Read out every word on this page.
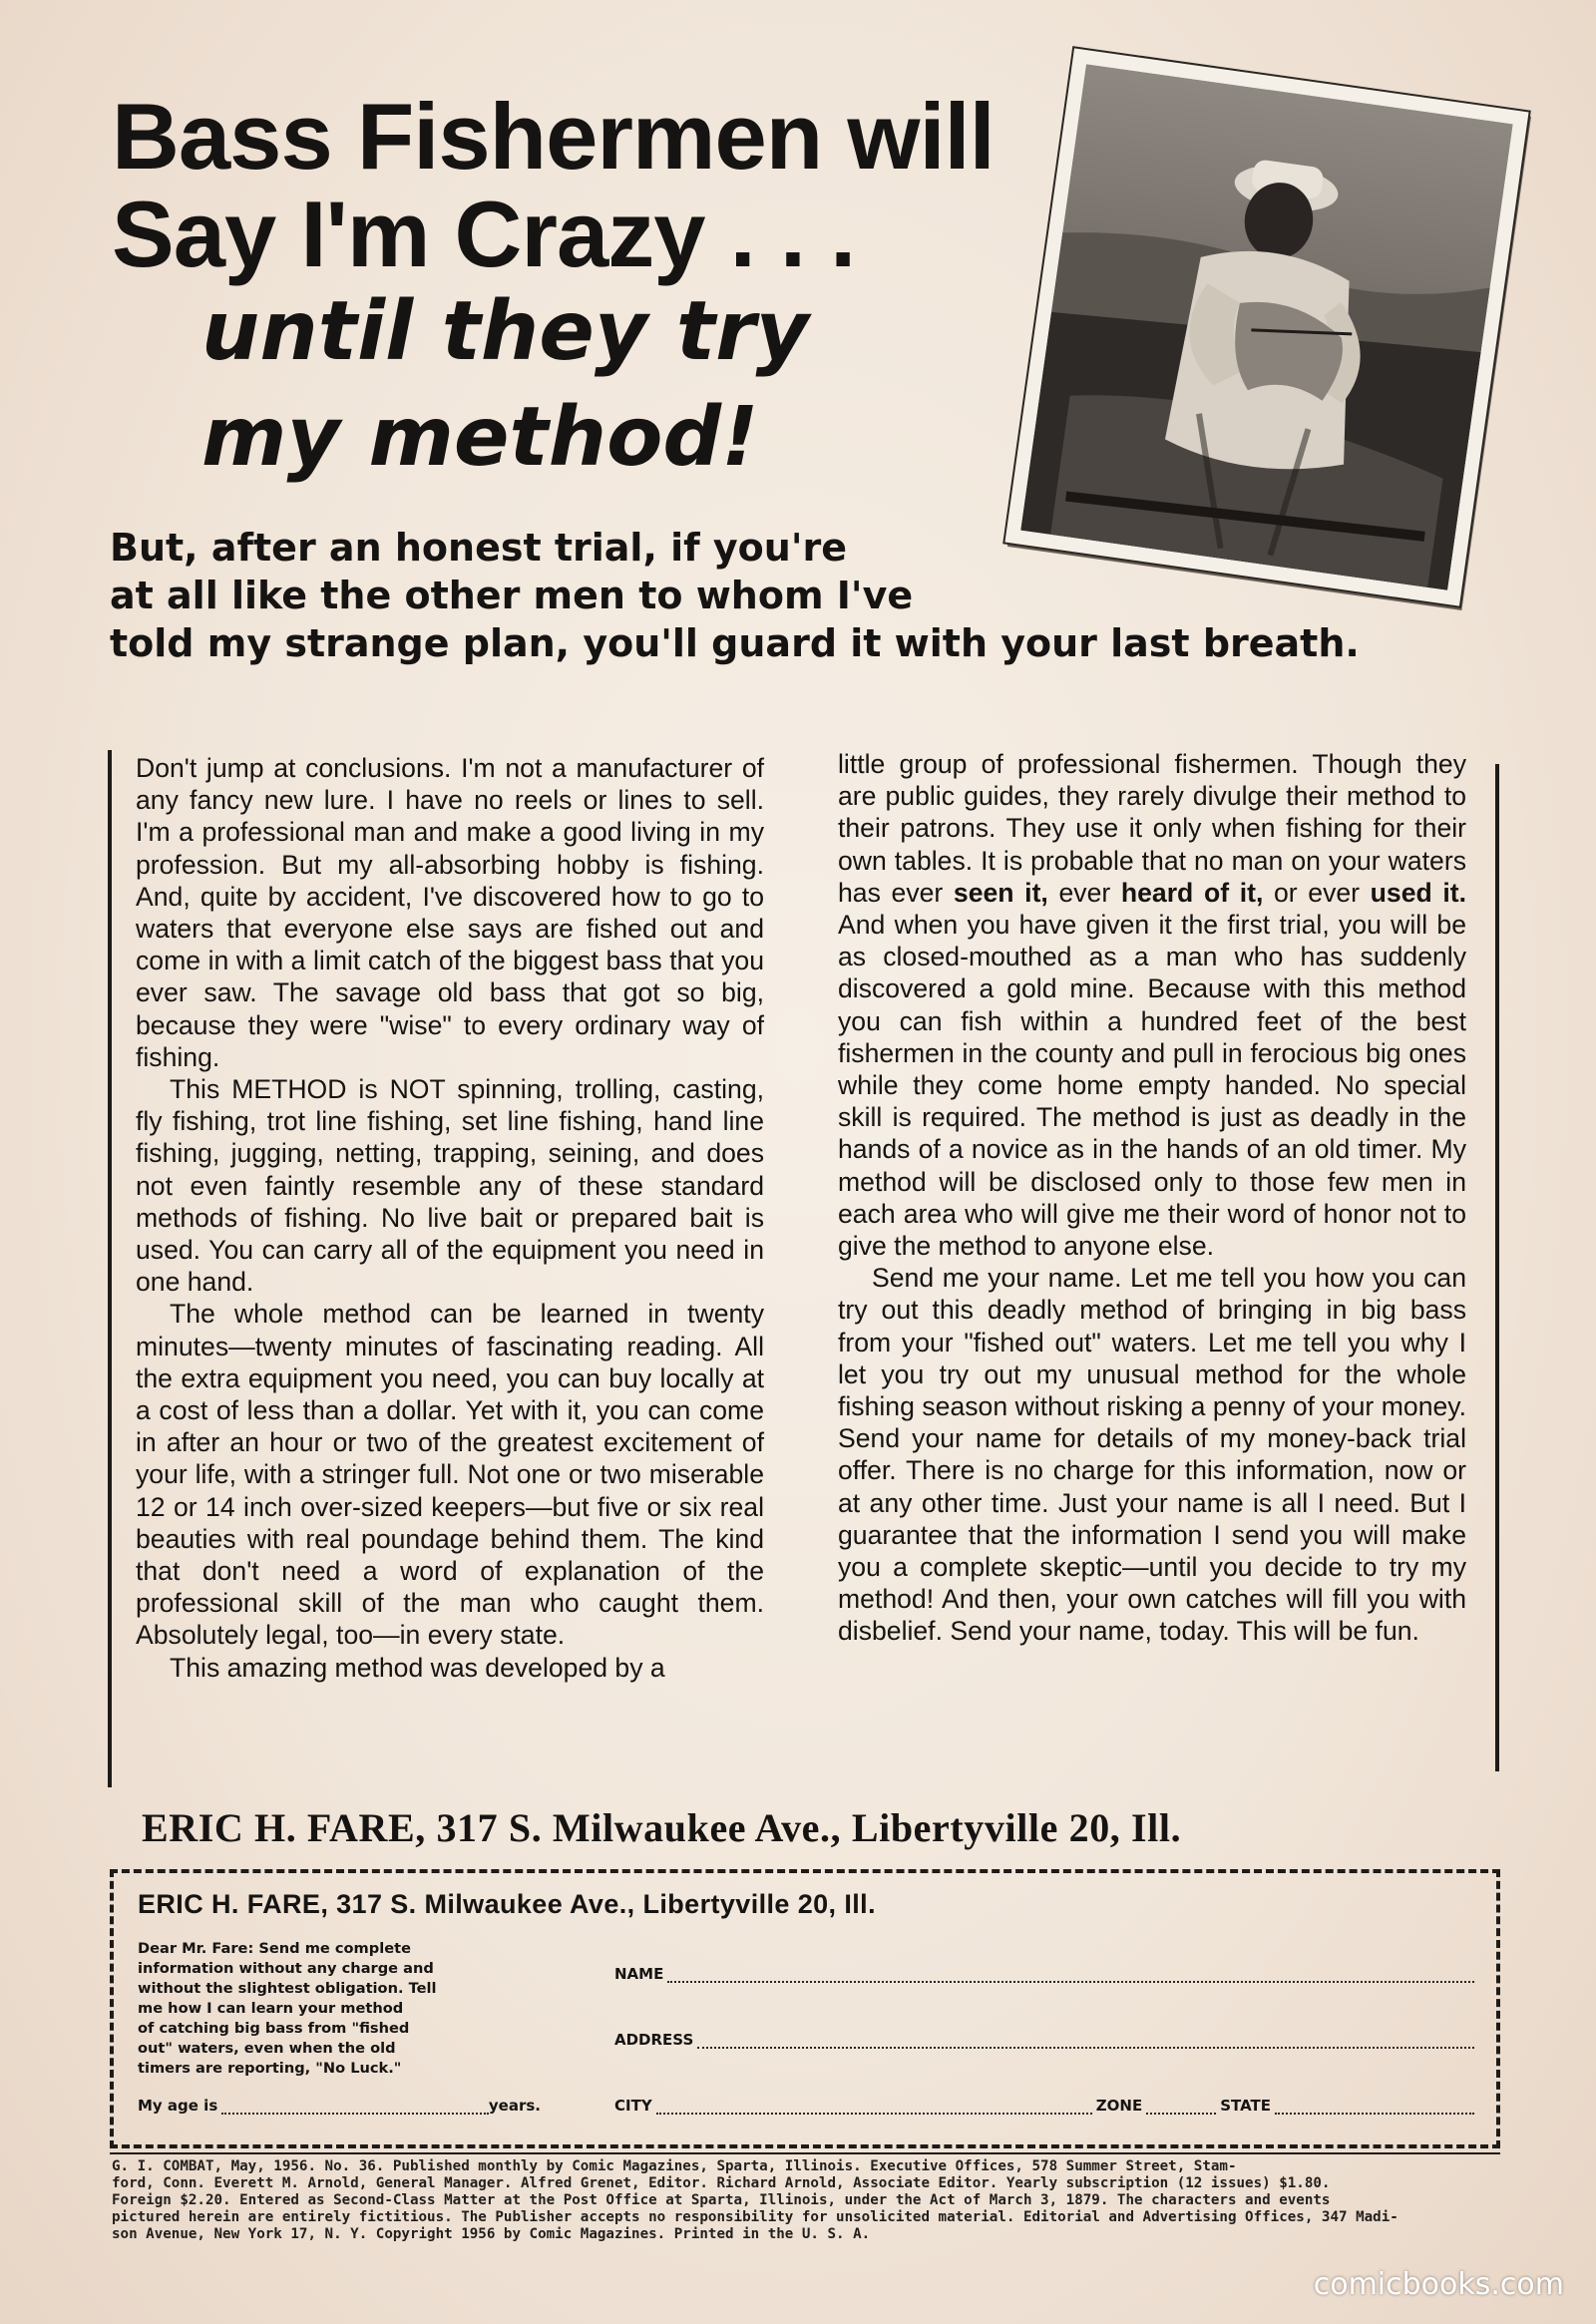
Bass Fishermen will
Say I'm Crazy . . .
until they try
my method!
But, after an honest trial, if you're
at all like the other men to whom I've
told my strange plan, you'll guard it with your last breath.

Don't jump at conclusions. I'm not a manufacturer of any fancy new lure. I have no reels or lines to sell. I'm a professional man and make a good living in my profession. But my all-absorbing hobby is fishing. And, quite by accident, I've discovered how to go to waters that everyone else says are fished out and come in with a limit catch of the biggest bass that you ever saw. The savage old bass that got so big, because they were "wise" to every ordinary way of fishing.

This METHOD is NOT spinning, trolling, casting, fly fishing, trot line fishing, set line fishing, hand line fishing, jugging, netting, trapping, seining, and does not even faintly resemble any of these standard methods of fishing. No live bait or prepared bait is used. You can carry all of the equipment you need in one hand.

The whole method can be learned in twenty minutes—twenty minutes of fascinating reading. All the extra equipment you need, you can buy locally at a cost of less than a dollar. Yet with it, you can come in after an hour or two of the greatest excitement of your life, with a stringer full. Not one or two miserable 12 or 14 inch over-sized keepers—but five or six real beauties with real poundage behind them. The kind that don't need a word of explanation of the professional skill of the man who caught them. Absolutely legal, too—in every state.

This amazing method was developed by a

little group of professional fishermen. Though they are public guides, they rarely divulge their method to their patrons. They use it only when fishing for their own tables. It is probable that no man on your waters has ever seen it, ever heard of it, or ever used it. And when you have given it the first trial, you will be as closed-mouthed as a man who has suddenly discovered a gold mine. Because with this method you can fish within a hundred feet of the best fishermen in the county and pull in ferocious big ones while they come home empty handed. No special skill is required. The method is just as deadly in the hands of a novice as in the hands of an old timer. My method will be disclosed only to those few men in each area who will give me their word of honor not to give the method to anyone else.

Send me your name. Let me tell you how you can try out this deadly method of bringing in big bass from your "fished out" waters. Let me tell you why I let you try out my unusual method for the whole fishing season without risking a penny of your money. Send your name for details of my money-back trial offer. There is no charge for this information, now or at any other time. Just your name is all I need. But I guarantee that the information I send you will make you a complete skeptic—until you decide to try my method! And then, your own catches will fill you with disbelief. Send your name, today. This will be fun.

ERIC H. FARE, 317 S. Milwaukee Ave., Libertyville 20, Ill.
ERIC H. FARE, 317 S. Milwaukee Ave., Libertyville 20, Ill.
Dear Mr. Fare: Send me complete
information without any charge and
without the slightest obligation. Tell
me how I can learn your method
of catching big bass from "fished
out" waters, even when the old
timers are reporting, "No Luck."
NAME
ADDRESS
My age is	years.	CITY	ZONE	STATE
G. I. COMBAT, May, 1956. No. 36. Published monthly by Comic Magazines, Sparta, Illinois. Executive Offices, 578 Summer Street, Stam-
ford, Conn. Everett M. Arnold, General Manager. Alfred Grenet, Editor. Richard Arnold, Associate Editor. Yearly subscription (12 issues) $1.80.
Foreign $2.20. Entered as Second-Class Matter at the Post Office at Sparta, Illinois, under the Act of March 3, 1879. The characters and events
pictured herein are entirely fictitious. The Publisher accepts no responsibility for unsolicited material. Editorial and Advertising Offices, 347 Madi-
son Avenue, New York 17, N. Y. Copyright 1956 by Comic Magazines. Printed in the U. S. A.
comicbooks.com
